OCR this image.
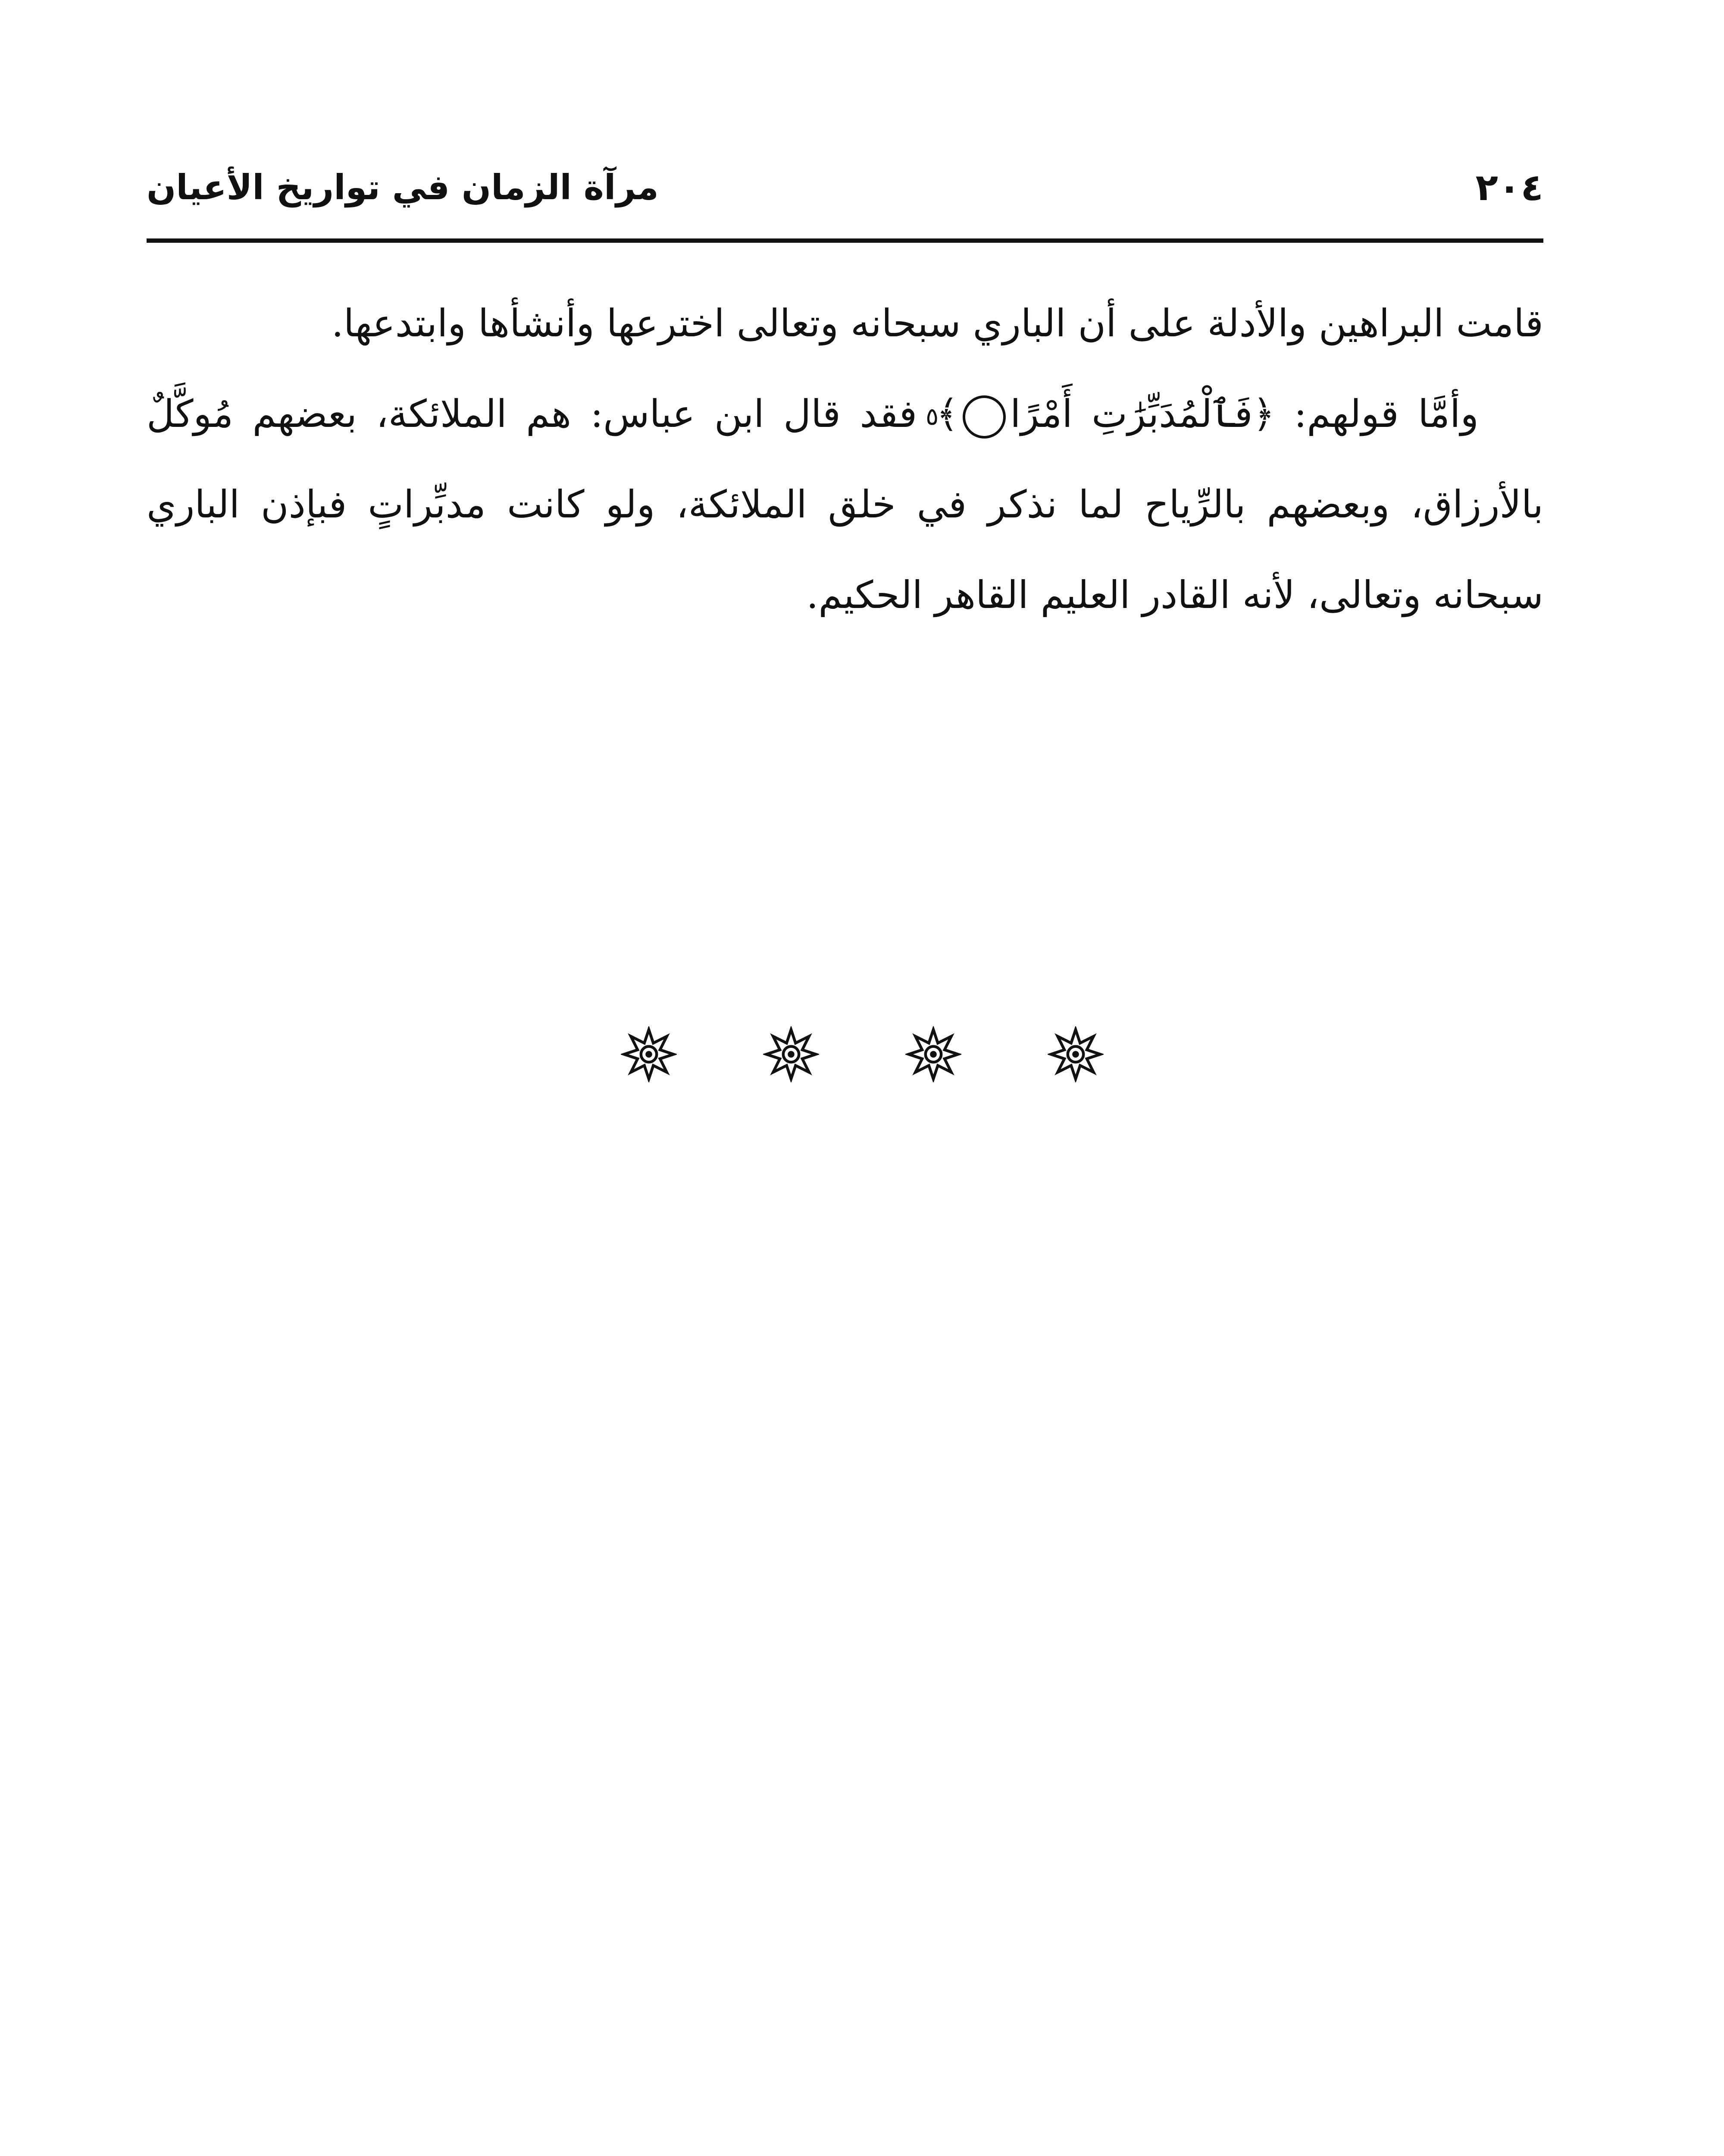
٢٠٤
مرآة الزمان في تواريخ الأعيان

قامت البراهين والأدلة على أن الباري سبحانه وتعالى اخترعها وأنشأها وابتدعها.

وأمَّا قولهم: ﴿فَٱلْمُدَبِّرَٰتِ أَمْرًا٥﴾ فقد قال ابن عباس: هم الملائكة، بعضهم مُوكَّلٌ بالأرزاق، وبعضهم بالرِّياح لما نذكر في خلق الملائكة، ولو كانت مدبِّراتٍ فبإذن الباري سبحانه وتعالى، لأنه القادر العليم القاهر الحكيم.
